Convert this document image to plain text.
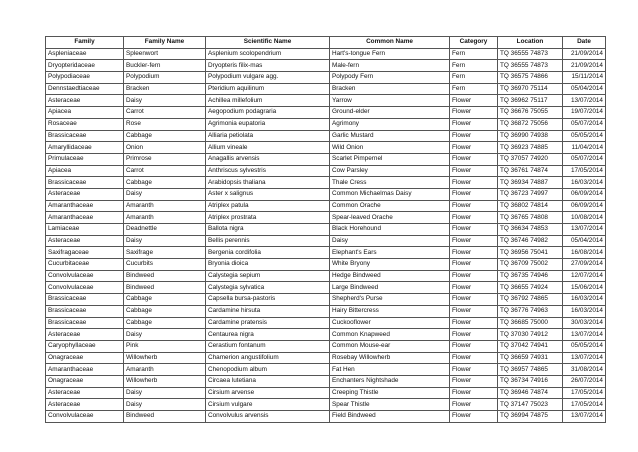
Family	Family Name	Scientific Name	Common Name	Category	Location	Date
Aspleniaceae	Spleenwort	Asplenium scolopendrium	Hart's-tongue Fern	Fern	TQ 36555 74873	21/09/2014
Dryopteridaceae	Buckler-fern	Dryopteris filix-mas	Male-fern	Fern	TQ 36555 74873	21/09/2014
Polypodiaceae	Polypodium	Polypodium vulgare agg.	Polypody Fern	Fern	TQ 36575 74866	15/11/2014
Dennstaedtiaceae	Bracken	Pteridium aquilinum	Bracken	Fern	TQ 36970 75114	05/04/2014
Asteraceae	Daisy	Achillea millefolium	Yarrow	Flower	TQ 36962 75117	13/07/2014
Apiacea	Carrot	Aegopodium podagraria	Ground-elder	Flower	TQ 36676 75055	19/07/2014
Rosaceae	Rose	Agrimonia eupatoria	Agrimony	Flower	TQ 36872 75056	05/07/2014
Brassicaceae	Cabbage	Alliaria petiolata	Garlic Mustard	Flower	TQ 36990 74938	05/05/2014
Amaryllidaceae	Onion	Allium vineale	Wild Onion	Flower	TQ 36923 74885	11/04/2014
Primulaceae	Primrose	Anagallis arvensis	Scarlet Pimpernel	Flower	TQ 37057 74920	05/07/2014
Apiacea	Carrot	Anthriscus sylvestris	Cow Parsley	Flower	TQ 36761 74874	17/05/2014
Brassicaceae	Cabbage	Arabidopsis thaliana	Thale Cress	Flower	TQ 36934 74887	16/03/2014
Asteraceae	Daisy	Aster x salignus	Common Michaelmas Daisy	Flower	TQ 36723 74997	06/09/2014
Amaranthaceae	Amaranth	Atriplex patula	Common Orache	Flower	TQ 36802 74814	06/09/2014
Amaranthaceae	Amaranth	Atriplex prostrata	Spear-leaved Orache	Flower	TQ 36765 74808	10/08/2014
Lamiaceae	Deadnettle	Ballota nigra	Black Horehound	Flower	TQ 36634 74853	13/07/2014
Asteraceae	Daisy	Bellis perennis	Daisy	Flower	TQ 36746 74982	05/04/2014
Saxifragaceae	Saxifrage	Bergenia cordifolia	Elephant's Ears	Flower	TQ 36956 75041	16/08/2014
Cucurbitaceae	Cucurbits	Bryonia dioica	White Bryony	Flower	TQ 36709 75002	27/09/2014
Convolvulaceae	Bindweed	Calystegia sepium	Hedge Bindweed	Flower	TQ 36735 74946	12/07/2014
Convolvulaceae	Bindweed	Calystegia sylvatica	Large Bindweed	Flower	TQ 36655 74924	15/06/2014
Brassicaceae	Cabbage	Capsella bursa-pastoris	Shepherd's Purse	Flower	TQ 36792 74865	16/03/2014
Brassicaceae	Cabbage	Cardamine hirsuta	Hairy Bittercress	Flower	TQ 36776 74963	16/03/2014
Brassicaceae	Cabbage	Cardamine pratensis	Cuckooflower	Flower	TQ 36685 75000	30/03/2014
Asteraceae	Daisy	Centaurea nigra	Common Knapweed	Flower	TQ 37030 74912	13/07/2014
Caryophyllaceae	Pink	Cerastium fontanum	Common Mouse-ear	Flower	TQ 37042 74941	05/05/2014
Onagraceae	Willowherb	Chamerion angustifolium	Rosebay Willowherb	Flower	TQ 36659 74931	13/07/2014
Amaranthaceae	Amaranth	Chenopodium album	Fat Hen	Flower	TQ 36957 74865	31/08/2014
Onagraceae	Willowherb	Circaea lutetiana	Enchanters Nightshade	Flower	TQ 36734 74916	26/07/2014
Asteraceae	Daisy	Cirsium arvense	Creeping Thistle	Flower	TQ 36946 74874	17/05/2014
Asteraceae	Daisy	Cirsium vulgare	Spear Thistle	Flower	TQ 37147 75023	17/05/2014
Convolvulaceae	Bindweed	Convolvulus arvensis	Field Bindweed	Flower	TQ 36994 74875	13/07/2014
